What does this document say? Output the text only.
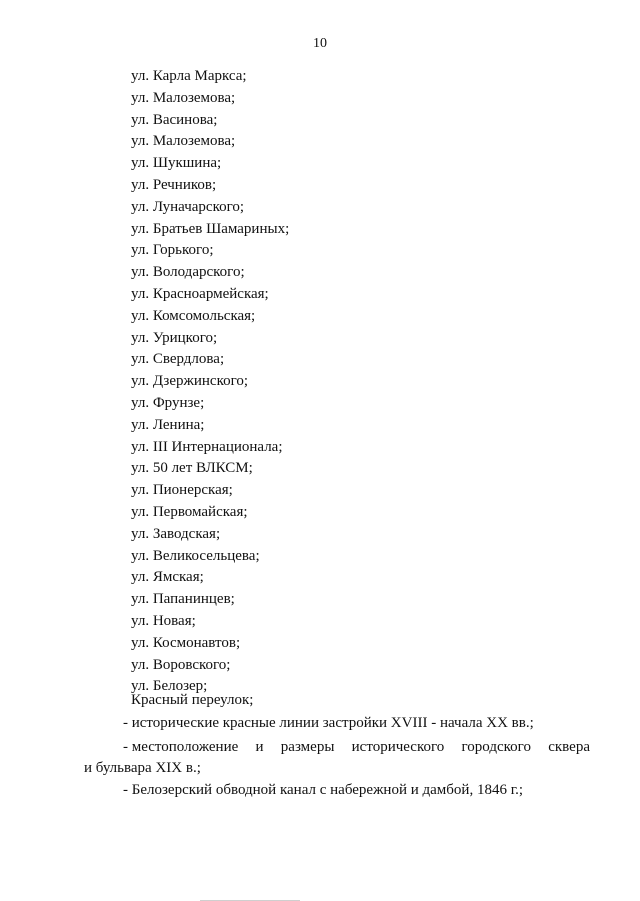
10
ул. Карла Маркса;
ул. Малоземова;
ул. Васинова;
ул. Малоземова;
ул. Шукшина;
ул. Речников;
ул. Луначарского;
ул. Братьев Шамариных;
ул. Горького;
ул. Володарского;
ул. Красноармейская;
ул. Комсомольская;
ул. Урицкого;
ул. Свердлова;
ул. Дзержинского;
ул. Фрунзе;
ул. Ленина;
ул. III Интернационала;
ул. 50 лет ВЛКСМ;
ул. Пионерская;
ул. Первомайская;
ул. Заводская;
ул. Великосельцева;
ул. Ямская;
ул. Папанинцев;
ул. Новая;
ул. Космонавтов;
ул. Воровского;
ул. Белозер;
Красный переулок;
- исторические красные линии застройки XVIII - начала XX вв.;
- местоположение и размеры исторического городского сквера
и бульвара XIX в.;
- Белозерский обводной канал с набережной и дамбой, 1846 г.;
